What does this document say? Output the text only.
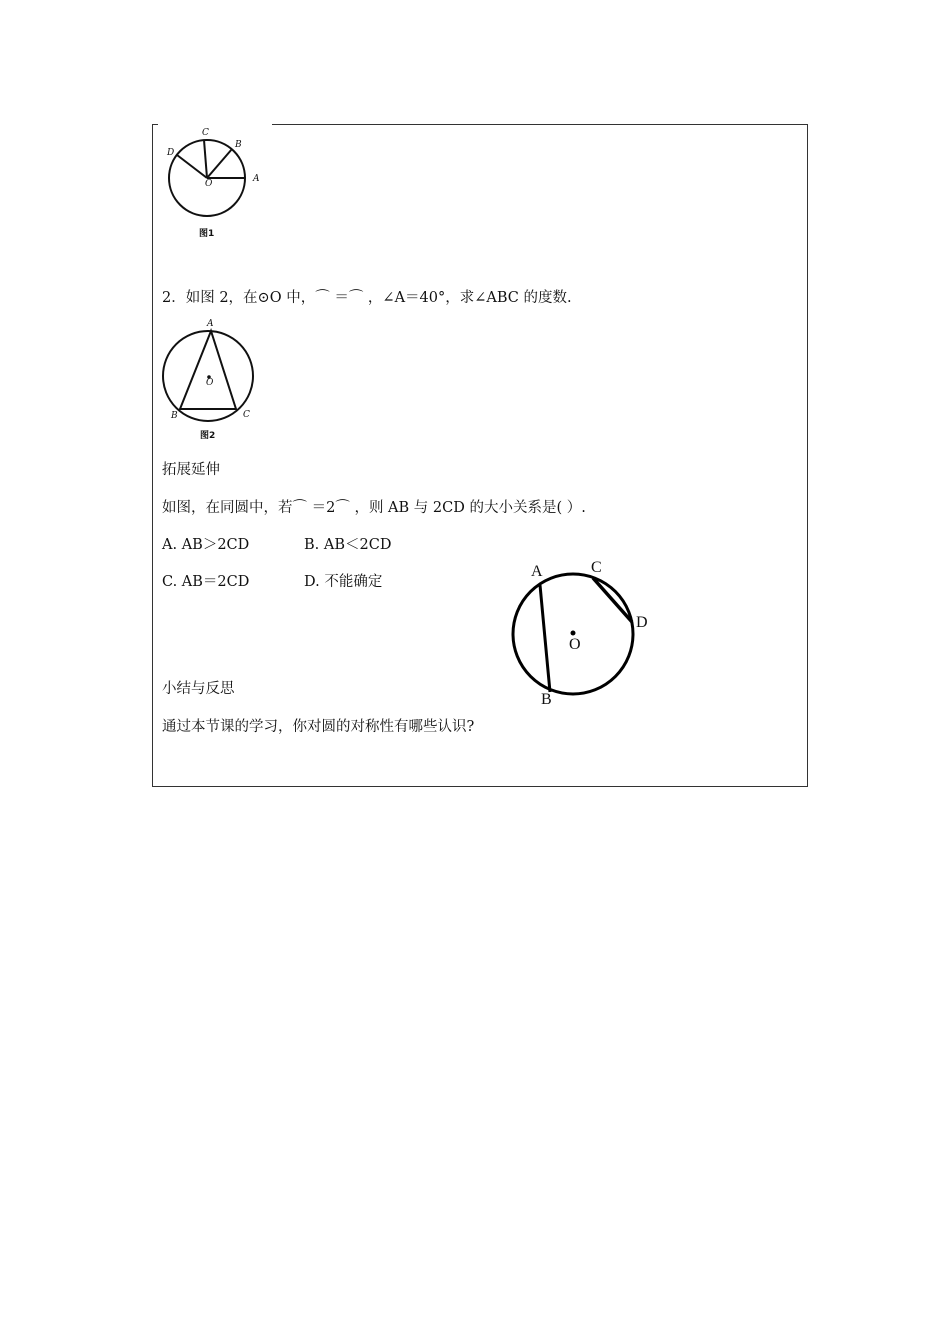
C
B
D
O	A
图1
2．如图 2，在⊙O 中，⌒ ＝⌒ ，∠A＝40°，求∠ABC 的度数.
A
O
B	C
图2
拓展延伸
如图，在同圆中，若⌒ ＝2⌒ ，则 AB 与 2CD 的大小关系是( ）.
A. AB＞2CD	B. AB＜2CD
C. AB＝2CD	D. 不能确定
A	C
D
O
B
小结与反思
通过本节课的学习，你对圆的对称性有哪些认识?
